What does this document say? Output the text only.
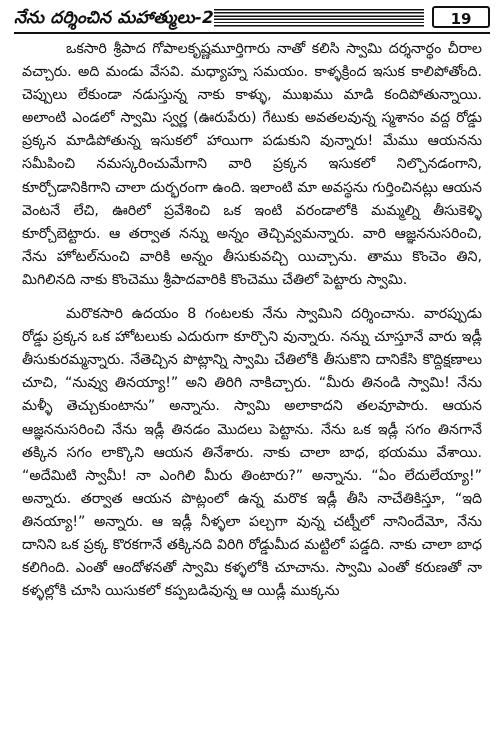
నేను దర్శించిన మహాత్ములు-2	19

ఒకసారి శ్రీపాద గోపాలకృష్ణమూర్తిగారు నాతో కలిసి స్వామి దర్శనార్థం చీరాల వచ్చారు. అది మండు వేసవి. మధ్యాహ్న సమయం. కాళ్ళక్రింద ఇసుక కాలిపోతోంది. చెప్పులు లేకుండా నడుస్తున్న నాకు కాళ్ళు, ముఖము మాడి కందిపోతున్నాయి. అలాంటి ఎండలో స్వామి స్వర్ణ (ఊరుపేరు) గేటుకు అవతలవున్న స్మశానం వద్ద రోడ్డు ప్రక్కన మాడిపోతున్న ఇసుకలో హాయిగా పడుకుని వున్నారు! మేము ఆయనను సమీపించి నమస్కరించుమేగాని వారి ప్రక్కన ఇసుకలో నిల్చొనడంగాని, కూర్చోడానికిగాని చాలా దుర్భరంగా ఉంది. ఇలాంటి మా అవస్థను గుర్తించినట్లు ఆయన వెంటనే లేచి, ఊరిలో ప్రవేశించి ఒక ఇంటి వరండాలోకి మమ్మల్ని తీసుకెళ్ళి కూర్చోబెట్టారు. ఆ తర్వాత నన్ను అన్నం తెచ్చివ్వమన్నారు. వారి ఆజ్ఞననుసరించి, నేను హోటల్‌నుంచి వారికి అన్నం తీసుకువచ్చి యిచ్చాను. తాము కొంచెం తిని, మిగిలినది నాకు కొంచెము శ్రీపాదవారికి కొంచెము చేతిలో పెట్టారు స్వామి.

మరొకసారి ఉదయం 8 గంటలకు నేను స్వామిని దర్శించాను. వారప్పుడు రోడ్డు ప్రక్కన ఒక హోటలుకు ఎదురుగా కూర్చొని వున్నారు. నన్ను చూస్తూనే వారు ఇడ్లీ తీసుకురమ్మన్నారు. నేతెచ్చిన పొట్లాన్ని స్వామి చేతిలోకి తీసుకొని దానికేసి కొద్దిక్షణాలు చూచి, “నువ్వు తినయ్యా!” అని తిరిగి నాకిచ్చారు. “మీరు తినండి స్వామి! నేను మళ్ళీ తెచ్చుకుంటాను” అన్నాను. స్వామి అలాకాదని తలవూపారు. ఆయన ఆజ్ఞననుసరించి నేను ఇడ్లీ తినడం మొదలు పెట్టాను. నేను ఒక ఇడ్లీ సగం తినగానే తక్కిన సగం లాక్కొని ఆయన తినేశారు. నాకు చాలా బాధ, భయము వేశాయి. “అదేమిటి స్వామీ! నా ఎంగిలి మీరు తింటారు?” అన్నాను. “ఏం లేదులేయ్యా!” అన్నారు. తర్వాత ఆయన పొట్లంలో ఉన్న మరొక ఇడ్లీ తీసి నాచేతికిస్తూ, “ఇది తినయ్యా!” అన్నారు. ఆ ఇడ్లీ నీళ్ళలా పల్చగా వున్న చట్నీలో నానిందేమో, నేను దానిని ఒక ప్రక్క కొరకగానే తక్కినది విరిగి రోడ్డుమీద మట్టిలో పడ్డది. నాకు చాలా బాధ కలిగింది. ఎంతో ఆందోళనతో స్వామి కళ్ళలోకి చూచాను. స్వామి ఎంతో కరుణతో నా కళ్ళల్లోకి చూసి యిసుకలో కప్పబడివున్న ఆ యిడ్లీ ముక్కను
